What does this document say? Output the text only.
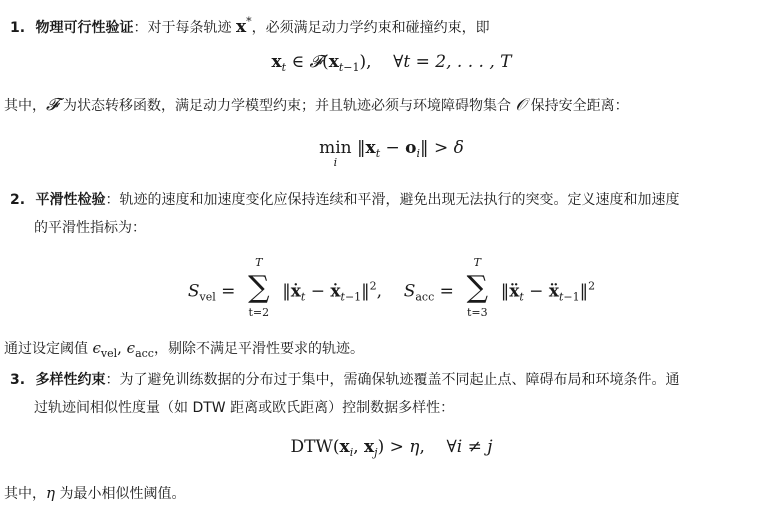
1. 物理可行性验证：对于每条轨迹 x*，必须满足动力学约束和碰撞约束，即
$x_t$ ∈ $𝓕(x_{t-1})$,    ∀t = 2, . . . , T
其中，𝓕 为状态转移函数，满足动力学模型约束；并且轨迹必须与环境障碍物集合 𝒪 保持安全距离：
min
i
$‖x_t$ − $o_i‖ > \delta$
2. 平滑性检验：轨迹的速度和加速度变化应保持连续和平滑，避免出现无法执行的突变。定义速度和加速度
的平滑性指标为：
$S_{vel}$ =
T
∑
t=2
‖ẋ$_t$ − ẋ$_{t-1}$‖$^2$,    $S_{acc}$ =
T
∑
t=3
‖ẍ$_t$ − ẍ$_{t-1}$‖$^2$
通过设定阈值 $\epsilon_{vel}$, $\epsilon_{acc}$，剔除不满足平滑性要求的轨迹。
3. 多样性约束：为了避免训练数据的分布过于集中，需确保轨迹覆盖不同起止点、障碍布局和环境条件。通
过轨迹间相似性度量（如 DTW 距离或欧氏距离）控制数据多样性：
$DTW(x_i$, $x_j) > \eta$,    ∀i ≠ j
其中，η 为最小相似性阈值。
